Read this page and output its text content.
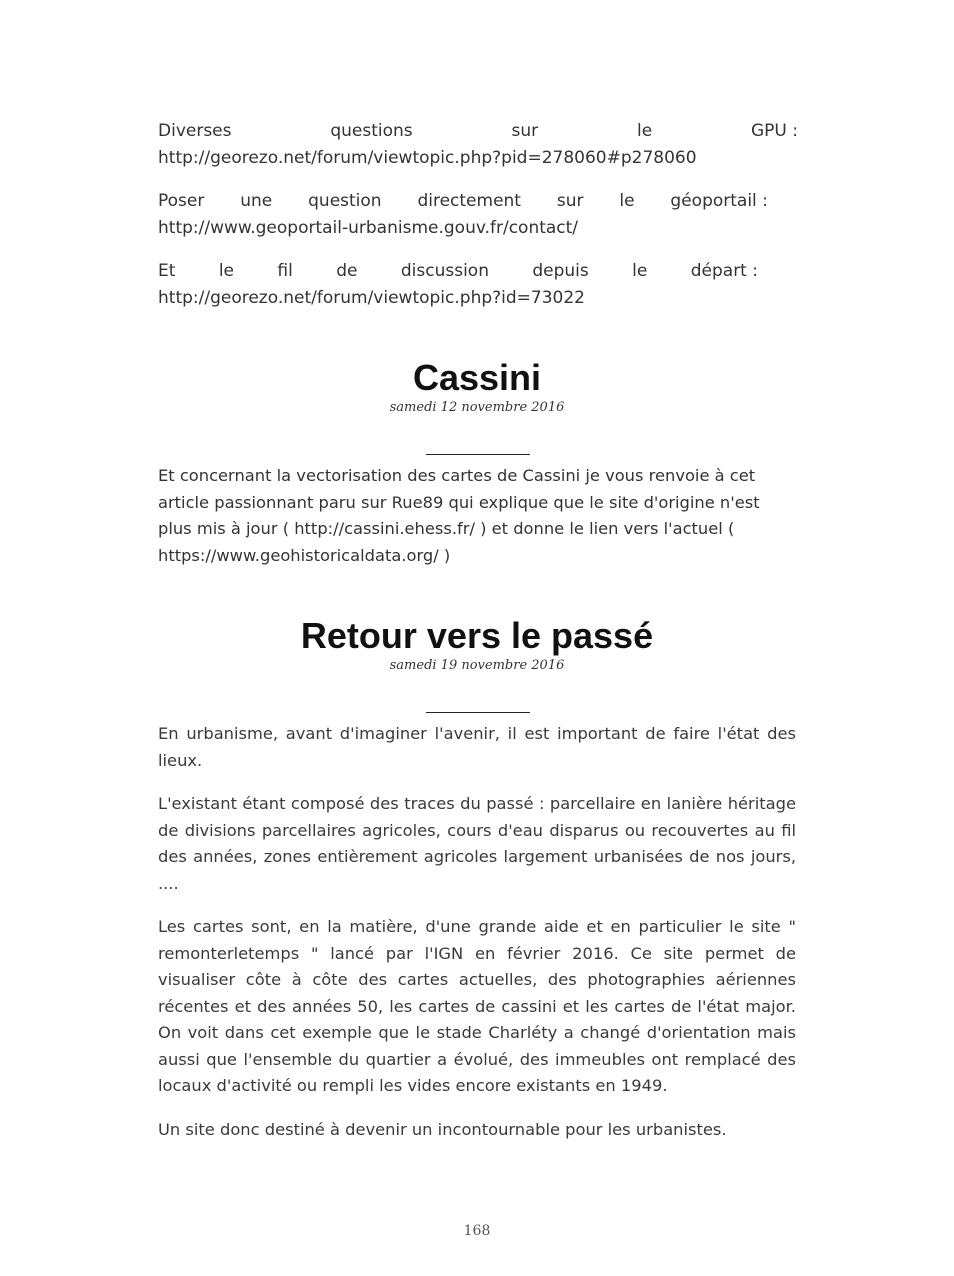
Diverses	questions	sur	le	GPU :
http://georezo.net/forum/viewtopic.php?pid=278060#p278060
Poser une question directement sur le géoportail :
http://www.geoportail-urbanisme.gouv.fr/contact/
Et	le	fil	de	discussion	depuis	le	départ :
http://georezo.net/forum/viewtopic.php?id=73022
Cassini
samedi 12 novembre 2016
Et concernant la vectorisation des cartes de Cassini je vous renvoie à cet
article passionnant paru sur Rue89 qui explique que le site d'origine n'est
plus mis à jour ( http://cassini.ehess.fr/ ) et donne le lien vers l'actuel (
https://www.geohistoricaldata.org/ )
Retour vers le passé
samedi 19 novembre 2016

En urbanisme, avant d'imaginer l'avenir, il est important de faire l'état des lieux.

L'existant étant composé des traces du passé : parcellaire en lanière héritage de divisions parcellaires agricoles, cours d'eau disparus ou recouvertes au fil des années, zones entièrement agricoles largement urbanisées de nos jours, ....

Les cartes sont, en la matière, d'une grande aide et en particulier le site " remonterletemps " lancé par l'IGN en février 2016. Ce site permet de visualiser côte à côte des cartes actuelles, des photographies aériennes récentes et des années 50, les cartes de cassini et les cartes de l'état major. On voit dans cet exemple que le stade Charléty a changé d'orientation mais aussi que l'ensemble du quartier a évolué, des immeubles ont remplacé des locaux d'activité ou rempli les vides encore existants en 1949.

Un site donc destiné à devenir un incontournable pour les urbanistes.

168
